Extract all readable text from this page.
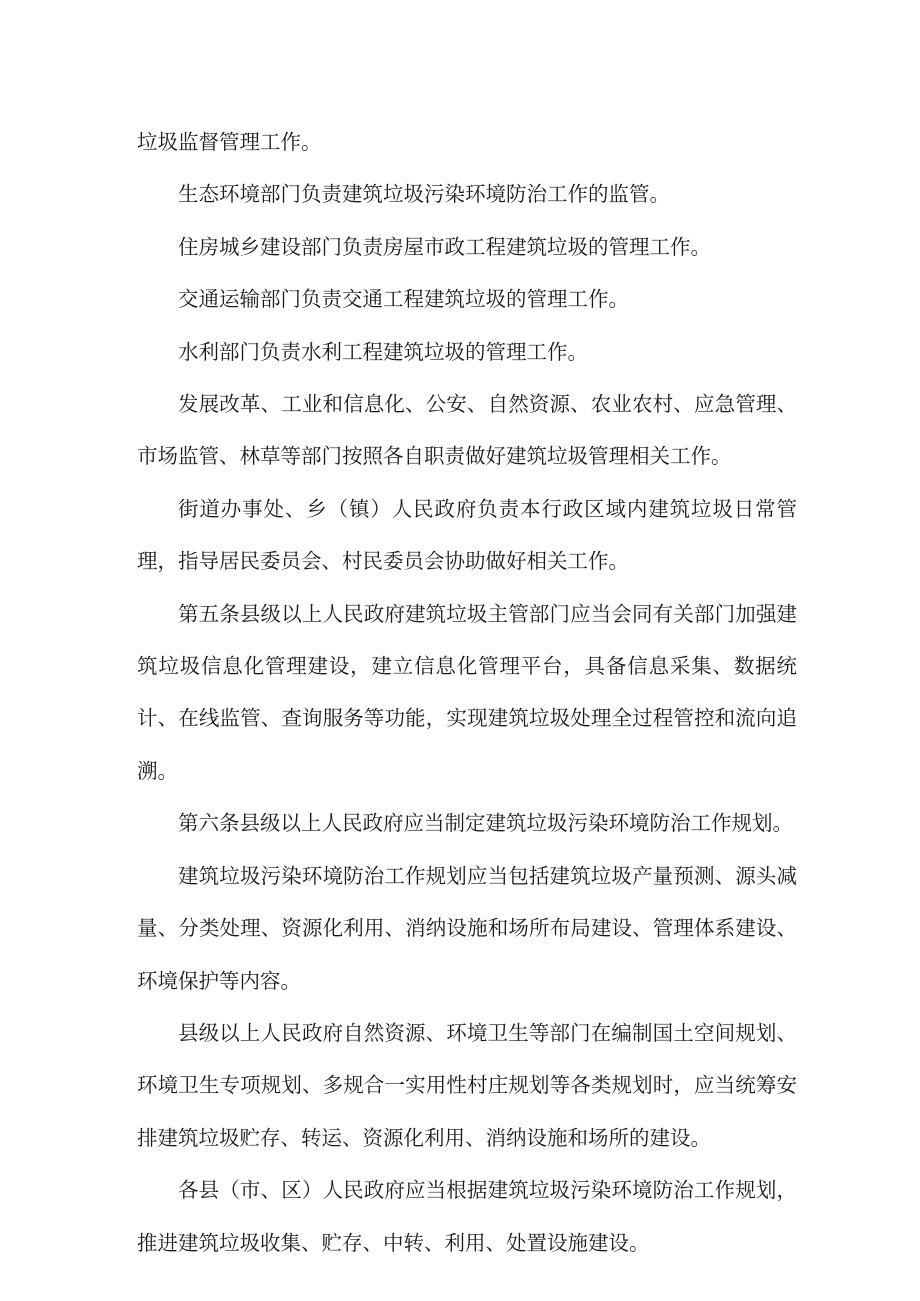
垃圾监督管理工作。

生态环境部门负责建筑垃圾污染环境防治工作的监管。

住房城乡建设部门负责房屋市政工程建筑垃圾的管理工作。

交通运输部门负责交通工程建筑垃圾的管理工作。

水利部门负责水利工程建筑垃圾的管理工作。

发展改革、工业和信息化、公安、自然资源、农业农村、应急管理、市场监管、林草等部门按照各自职责做好建筑垃圾管理相关工作。

街道办事处、乡（镇）人民政府负责本行政区域内建筑垃圾日常管理，指导居民委员会、村民委员会协助做好相关工作。

第五条县级以上人民政府建筑垃圾主管部门应当会同有关部门加强建筑垃圾信息化管理建设，建立信息化管理平台，具备信息采集、数据统计、在线监管、查询服务等功能，实现建筑垃圾处理全过程管控和流向追溯。

第六条县级以上人民政府应当制定建筑垃圾污染环境防治工作规划。

建筑垃圾污染环境防治工作规划应当包括建筑垃圾产量预测、源头减量、分类处理、资源化利用、消纳设施和场所布局建设、管理体系建设、环境保护等内容。

县级以上人民政府自然资源、环境卫生等部门在编制国土空间规划、环境卫生专项规划、多规合一实用性村庄规划等各类规划时，应当统筹安排建筑垃圾贮存、转运、资源化利用、消纳设施和场所的建设。

各县（市、区）人民政府应当根据建筑垃圾污染环境防治工作规划，推进建筑垃圾收集、贮存、中转、利用、处置设施建设。
